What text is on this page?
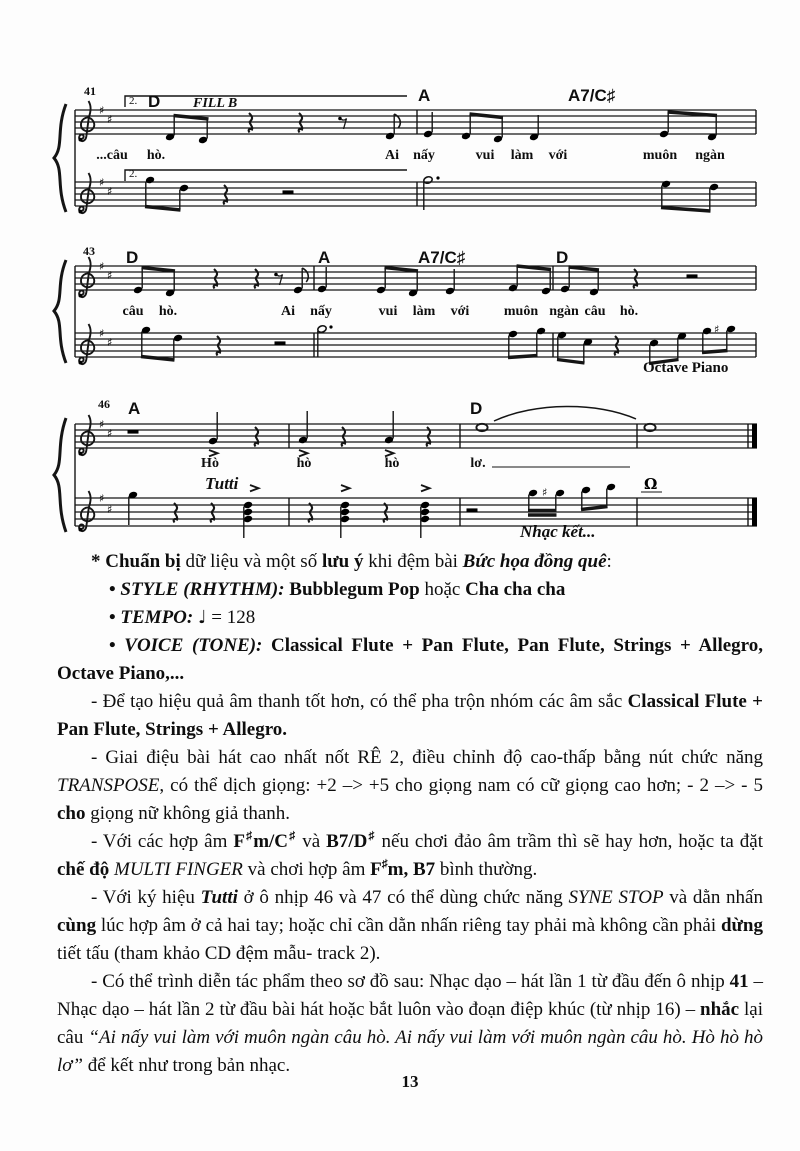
♯
♯
♯
♯
♯
♯
♯
♯
♯
♯
♯
♯
♯
♯	Ω
41
2.
2.
D FILL B	A	A7/C♯
...câu hò.	Ai nấy	vui làm với	muôn ngàn
43 D	A	A7/C♯	D
câu hò.	Ai nấy	vui làm với muôn ngàn câu hò.
Octave Piano
46 A	D
Hò	hò	hò	lơ.
Tutti
Nhạc kết...

* Chuẩn bị dữ liệu và một số lưu ý khi đệm bài Bức họa đồng quê:

• STYLE (RHYTHM): Bubblegum Pop hoặc Cha cha cha

• TEMPO: ♩ = 128

• VOICE (TONE): Classical Flute + Pan Flute, Pan Flute, Strings + Allegro, Octave Piano,...

- Để tạo hiệu quả âm thanh tốt hơn, có thể pha trộn nhóm các âm sắc Classical Flute + Pan Flute, Strings + Allegro.

- Giai điệu bài hát cao nhất nốt RÊ 2, điều chỉnh độ cao-thấp bằng nút chức năng TRANSPOSE, có thể dịch giọng: +2 –> +5 cho giọng nam có cữ giọng cao hơn; - 2 –> - 5 cho giọng nữ không giả thanh.

- Với các hợp âm F♯m/C♯ và B7/D♯ nếu chơi đảo âm trầm thì sẽ hay hơn, hoặc ta đặt chế độ MULTI FINGER và chơi hợp âm F♯m, B7 bình thường.

- Với ký hiệu Tutti ở ô nhịp 46 và 47 có thể dùng chức năng SYNE STOP và dằn nhấn cùng lúc hợp âm ở cả hai tay; hoặc chỉ cần dằn nhấn riêng tay phải mà không cần phải dừng tiết tấu (tham khảo CD đệm mẫu- track 2).

- Có thể trình diễn tác phẩm theo sơ đồ sau: Nhạc dạo – hát lần 1 từ đầu đến ô nhịp 41 – Nhạc dạo – hát lần 2 từ đầu bài hát hoặc bắt luôn vào đoạn điệp khúc (từ nhịp 16) – nhắc lại câu “Ai nấy vui làm với muôn ngàn câu hò. Ai nấy vui làm với muôn ngàn câu hò. Hò hò hò lơ” để kết như trong bản nhạc.

13
